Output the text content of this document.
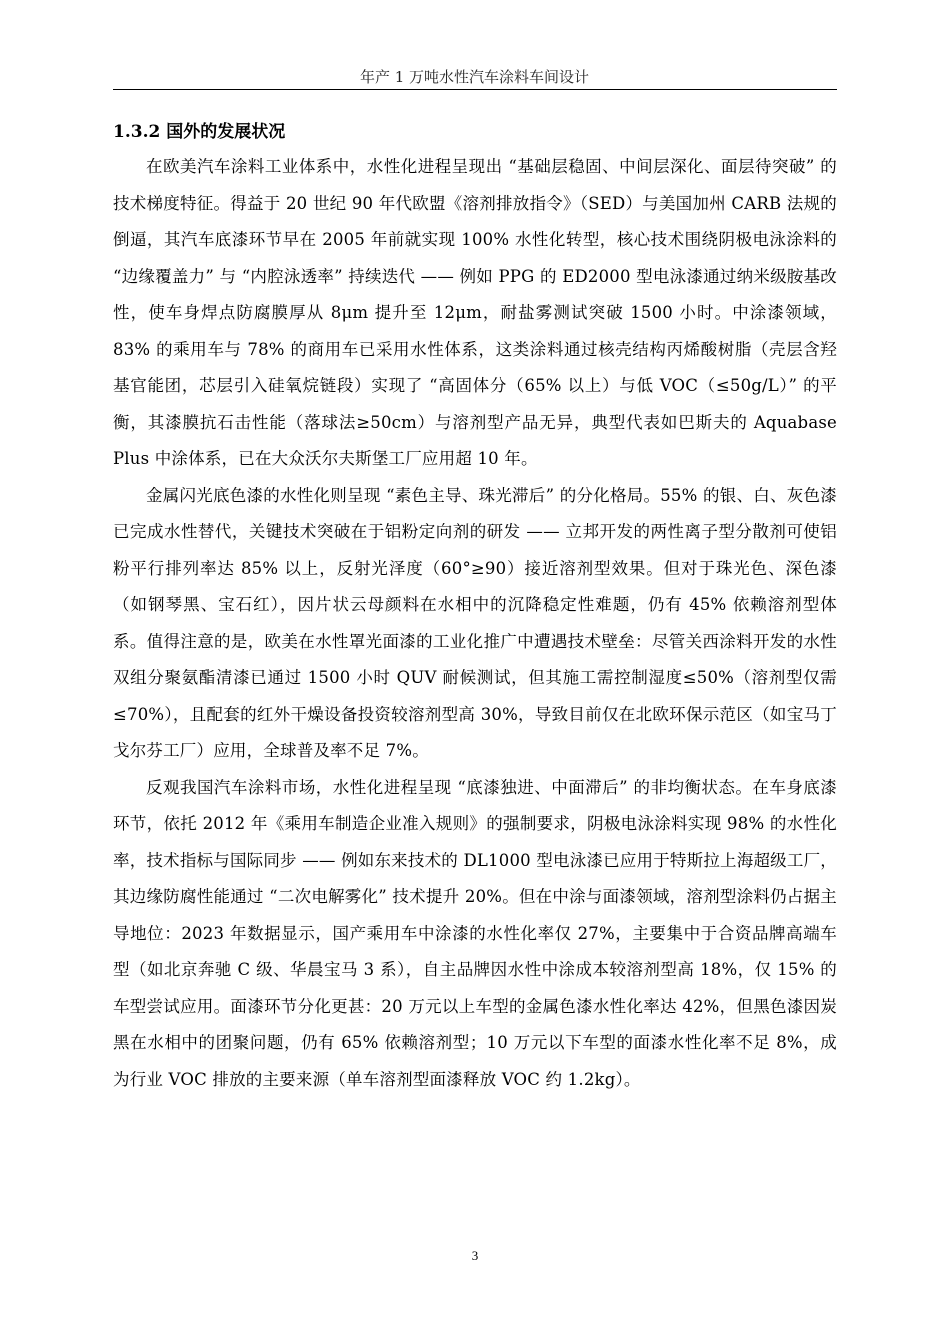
年产 1 万吨水性汽车涂料车间设计
1.3.2 国外的发展状况

在欧美汽车涂料工业体系中，水性化进程呈现出 “基础层稳固、中间层深化、面层待突破” 的技术梯度特征。得益于 20 世纪 90 年代欧盟《溶剂排放指令》（SED）与美国加州 CARB 法规的倒逼，其汽车底漆环节早在 2005 年前就实现 100% 水性化转型，核心技术围绕阴极电泳涂料的 “边缘覆盖力” 与 “内腔泳透率” 持续迭代 —— 例如 PPG 的 ED2000 型电泳漆通过纳米级胺基改性，使车身焊点防腐膜厚从 8μm 提升至 12μm，耐盐雾测试突破 1500 小时。中涂漆领域，83% 的乘用车与 78% 的商用车已采用水性体系，这类涂料通过核壳结构丙烯酸树脂（壳层含羟基官能团，芯层引入硅氧烷链段）实现了 “高固体分（65% 以上）与低 VOC（≤50g/L）” 的平衡，其漆膜抗石击性能（落球法≥50cm）与溶剂型产品无异，典型代表如巴斯夫的 Aquabase Plus 中涂体系，已在大众沃尔夫斯堡工厂应用超 10 年。

金属闪光底色漆的水性化则呈现 “素色主导、珠光滞后” 的分化格局。55% 的银、白、灰色漆已完成水性替代，关键技术突破在于铝粉定向剂的研发 —— 立邦开发的两性离子型分散剂可使铝粉平行排列率达 85% 以上，反射光泽度（60°≥90）接近溶剂型效果。但对于珠光色、深色漆（如钢琴黑、宝石红），因片状云母颜料在水相中的沉降稳定性难题，仍有 45% 依赖溶剂型体系。值得注意的是，欧美在水性罩光面漆的工业化推广中遭遇技术壁垒：尽管关西涂料开发的水性双组分聚氨酯清漆已通过 1500 小时 QUV 耐候测试，但其施工需控制湿度≤50%（溶剂型仅需≤70%），且配套的红外干燥设备投资较溶剂型高 30%，导致目前仅在北欧环保示范区（如宝马丁戈尔芬工厂）应用，全球普及率不足 7%。

反观我国汽车涂料市场，水性化进程呈现 “底漆独进、中面滞后” 的非均衡状态。在车身底漆环节，依托 2012 年《乘用车制造企业准入规则》的强制要求，阴极电泳涂料实现 98% 的水性化率，技术指标与国际同步 —— 例如东来技术的 DL1000 型电泳漆已应用于特斯拉上海超级工厂，其边缘防腐性能通过 “二次电解雾化” 技术提升 20%。但在中涂与面漆领域，溶剂型涂料仍占据主导地位：2023 年数据显示，国产乘用车中涂漆的水性化率仅 27%，主要集中于合资品牌高端车型（如北京奔驰 C 级、华晨宝马 3 系），自主品牌因水性中涂成本较溶剂型高 18%，仅 15% 的车型尝试应用。面漆环节分化更甚：20 万元以上车型的金属色漆水性化率达 42%，但黑色漆因炭黑在水相中的团聚问题，仍有 65% 依赖溶剂型；10 万元以下车型的面漆水性化率不足 8%，成为行业 VOC 排放的主要来源（单车溶剂型面漆释放 VOC 约 1.2kg）。

3
